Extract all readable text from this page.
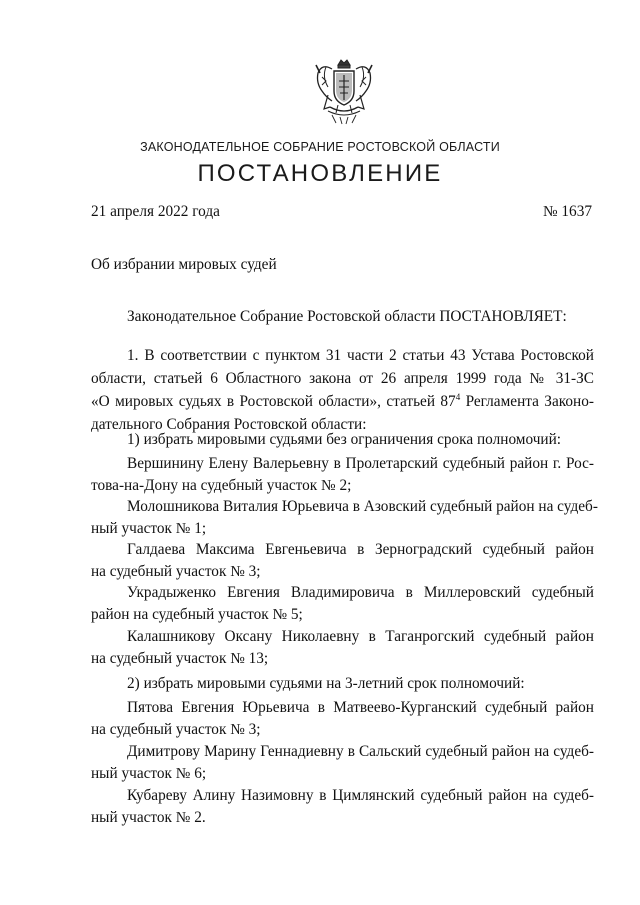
ЗАКОНОДАТЕЛЬНОЕ СОБРАНИЕ РОСТОВСКОЙ ОБЛАСТИ
ПОСТАНОВЛЕНИЕ
21 апреля 2022 года	№ 1637
Об избрании мировых судей
Законодательное Собрание Ростовской области ПОСТАНОВЛЯЕТ:
1. В соответствии с пунктом 31 части 2 статьи 43 Устава Ростовской
области, статьей 6 Областного закона от 26 апреля 1999 года № 31-ЗС
«О мировых судьях в Ростовской области», статьей $87^4$ Регламента Законо-
дательного Собрания Ростовской области:
1) избрать мировыми судьями без ограничения срока полномочий:
Вершинину Елену Валерьевну в Пролетарский судебный район г. Рос-
това-на-Дону на судебный участок № 2;
Молошникова Виталия Юрьевича в Азовский судебный район на судеб-
ный участок № 1;
Галдаева Максима Евгеньевича в Зерноградский судебный район
на судебный участок № 3;
Украдыженко Евгения Владимировича в Миллеровский судебный
район на судебный участок № 5;
Калашникову Оксану Николаевну в Таганрогский судебный район
на судебный участок № 13;
2) избрать мировыми судьями на 3-летний срок полномочий:
Пятова Евгения Юрьевича в Матвеево-Курганский судебный район
на судебный участок № 3;
Димитрову Марину Геннадиевну в Сальский судебный район на судеб-
ный участок № 6;
Кубареву Алину Назимовну в Цимлянский судебный район на судеб-
ный участок № 2.
